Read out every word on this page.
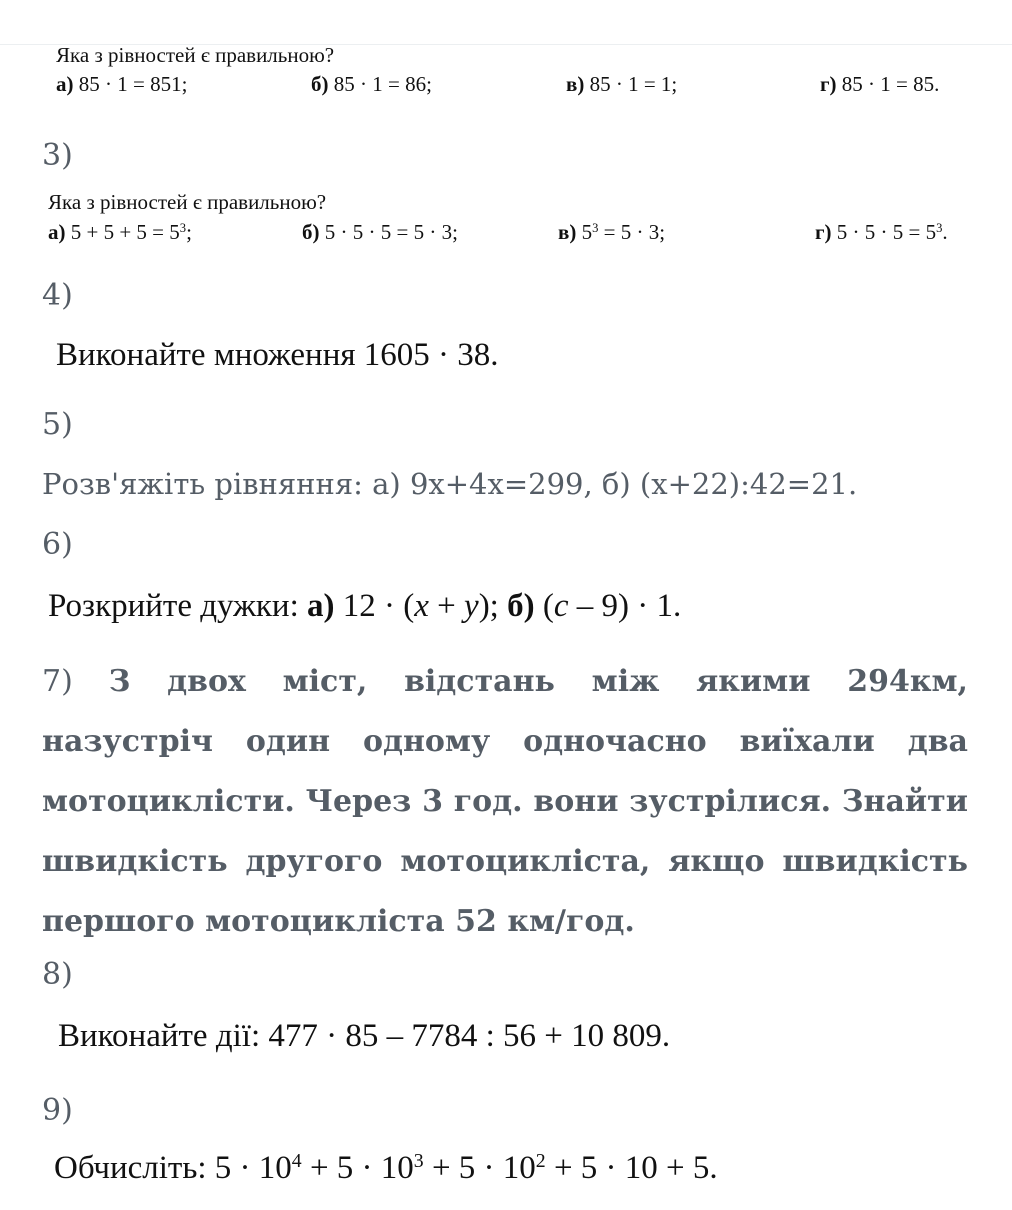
Яка з рівностей є правильною?
а) 85 · 1 = 851;	б) 85 · 1 = 86;	в) 85 · 1 = 1;	г) 85 · 1 = 85.
3)
Яка з рівностей є правильною?
а) $5 + 5 + 5 = 5^3$;	б) 5 · 5 · 5 = 5 · 3;	в) $5^3 = 5 \cdot 3$;	г) $5 \cdot 5 \cdot 5 = 5^3$.
4)
Виконайте множення 1605 · 38.
5)
Розв'яжіть рівняння: а) 9х+4х=299, б) (х+22):42=21.
6)
Розкрийте дужки: а) 12 · (x + y); б) (c – 9) · 1.
7) З двох міст, відстань між якими 294км, назустріч один одному одночасно виїхали два мотоциклісти. Через 3 год. вони зустрілися. Знайти швидкість другого мотоцикліста, якщо швидкість першого мотоцикліста 52 км/год.
8)
Виконайте дії: 477 · 85 – 7784 : 56 + 10 809.
9)
Обчисліть: $5 \cdot 10^4 + 5 \cdot 10^3 + 5 \cdot 10^2 + 5 \cdot 10 + 5$.
